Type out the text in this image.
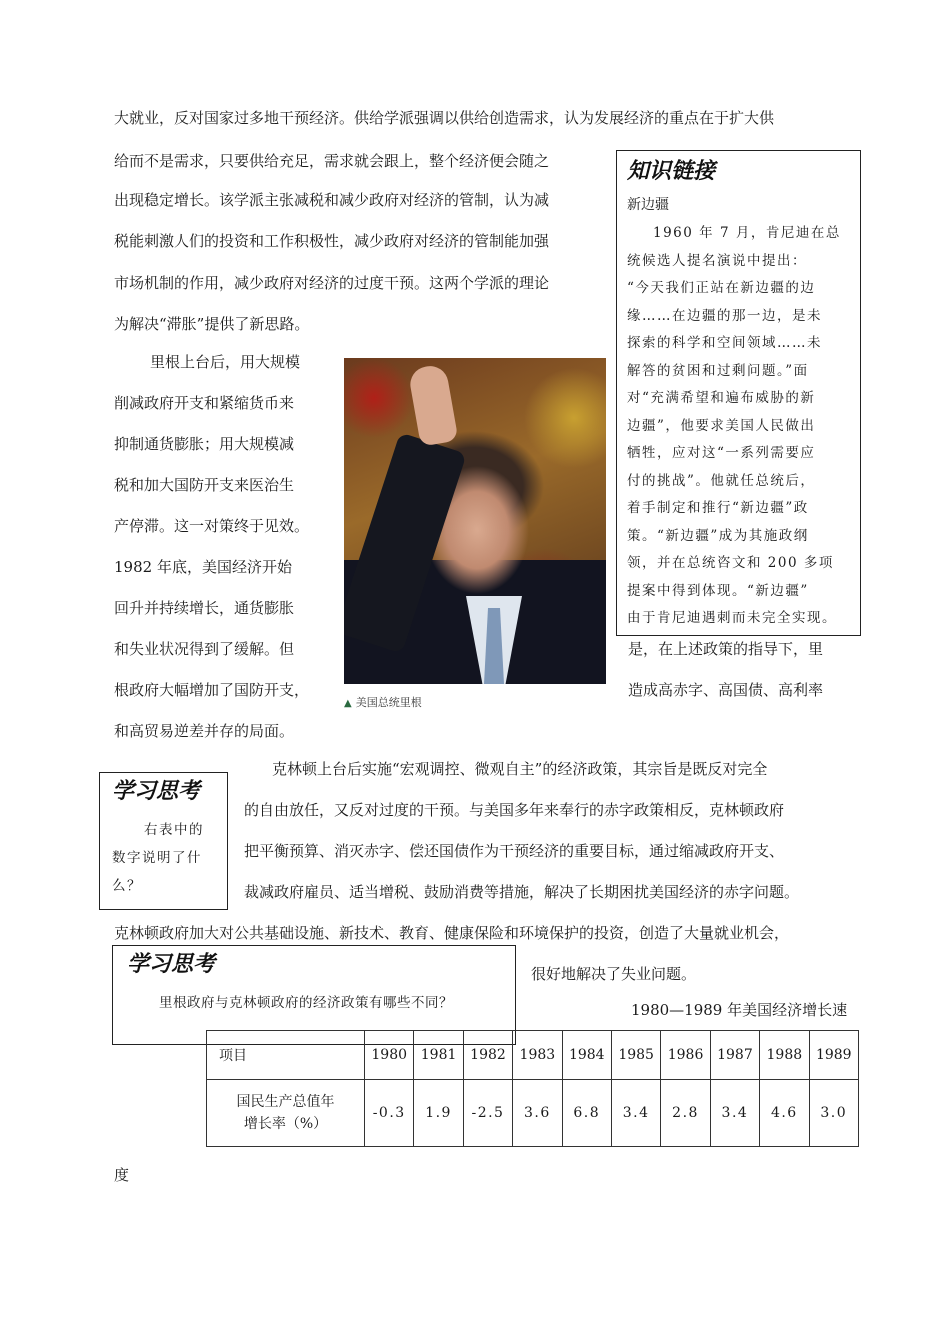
大就业，反对国家过多地干预经济。供给学派强调以供给创造需求，认为发展经济的重点在于扩大供
给而不是需求，只要供给充足，需求就会跟上，整个经济便会随之
出现稳定增长。该学派主张减税和减少政府对经济的管制，认为减
税能刺激人们的投资和工作积极性，减少政府对经济的管制能加强
市场机制的作用，减少政府对经济的过度干预。这两个学派的理论
为解决“滞胀”提供了新思路。
知识链接
新边疆
1960 年 7 月，肯尼迪在总
统候选人提名演说中提出：
“今天我们正站在新边疆的边
缘……在边疆的那一边，是未
探索的科学和空间领域……未
解答的贫困和过剩问题。”面
对“充满希望和遍布威胁的新
边疆”，他要求美国人民做出
牺牲，应对这“一系列需要应
付的挑战”。他就任总统后，
着手制定和推行“新边疆”政
策。“新边疆”成为其施政纲
领，并在总统咨文和 200 多项
提案中得到体现。“新边疆”
由于肯尼迪遇刺而未完全实现。
里根上台后，用大规模
削减政府开支和紧缩货币来
抑制通货膨胀；用大规模减
税和加大国防开支来医治生
产停滞。这一对策终于见效。
1982 年底，美国经济开始
回升并持续增长，通货膨胀
和失业状况得到了缓解。但
根政府大幅增加了国防开支，
▲ 美国总统里根
是，在上述政策的指导下，里
造成高赤字、高国债、高利率
和高贸易逆差并存的局面。
学习思考
右表中的
数字说明了什
么？
克林顿上台后实施“宏观调控、微观自主”的经济政策，其宗旨是既反对完全
的自由放任，又反对过度的干预。与美国多年来奉行的赤字政策相反，克林顿政府
把平衡预算、消灭赤字、偿还国债作为干预经济的重要目标，通过缩减政府开支、
裁减政府雇员、适当增税、鼓励消费等措施，解决了长期困扰美国经济的赤字问题。
克林顿政府加大对公共基础设施、新技术、教育、健康保险和环境保护的投资，创造了大量就业机会，
很好地解决了失业问题。
学习思考
里根政府与克林顿政府的经济政策有哪些不同？	1980—1989 年美国经济增长速
项目	1980	1981	1982	1983	1984	1985	1986	1987	1988	1989

国民生产总值年
增长率（%）	-0.3	1.9	-2.5	3.6	6.8	3.4	2.8	3.4	4.6	3.0
度
